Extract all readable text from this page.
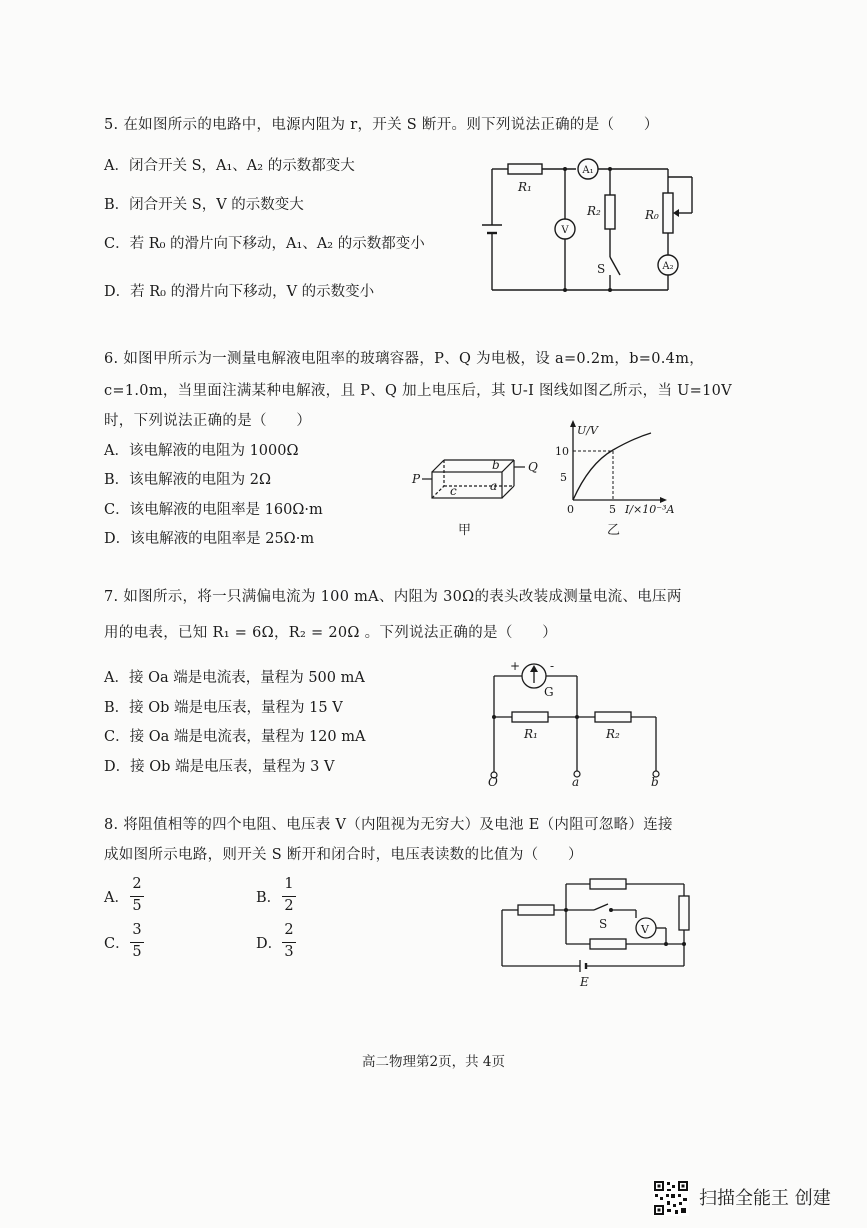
5. 在如图所示的电路中，电源内阻为 r，开关 S 断开。则下列说法正确的是（　　）
A．闭合开关 S，A₁、A₂ 的示数都变大
B．闭合开关 S，V 的示数变大
C．若 R₀ 的滑片向下移动，A₁、A₂ 的示数都变小
D．若 R₀ 的滑片向下移动，V 的示数变小
R₁
R₂	R₀
S
A₁
V
A₂
6. 如图甲所示为一测量电解液电阻率的玻璃容器，P、Q 为电极，设 a=0.2m，b=0.4m，
c=1.0m，当里面注满某种电解液，且 P、Q 加上电压后，其 U-I 图线如图乙所示，当 U=10V
时，下列说法正确的是（　　）
A．该电解液的电阻为 1000Ω
B．该电解液的电阻为 2Ω
C．该电解液的电阻率是 160Ω·m
D．该电解液的电阻率是 25Ω·m
P
Q
b
a
c
甲
U/V
10
5
0	5 I/×10⁻³A
乙
7. 如图所示，将一只满偏电流为 100 mA、内阻为 30Ω的表头改装成测量电流、电压两
用的电表，已知 R₁ = 6Ω，R₂ = 20Ω 。下列说法正确的是（　　）
A．接 Oa 端是电流表，量程为 500 mA
B．接 Ob 端是电压表，量程为 15 V
C．接 Oa 端是电流表，量程为 120 mA
D．接 Ob 端是电压表，量程为 3 V
+ -
G
R₁	R₂
O	a	b
8. 将阻值相等的四个电阻、电压表 V（内阻视为无穷大）及电池 E（内阻可忽略）连接
成如图所示电路，则开关 S 断开和闭合时，电压表读数的比值为（　　）
A．
2
5	B．
1
2
C．
3
5	D．
2
3
S	V
E
高二物理第2页，共 4页
扫描全能王 创建
